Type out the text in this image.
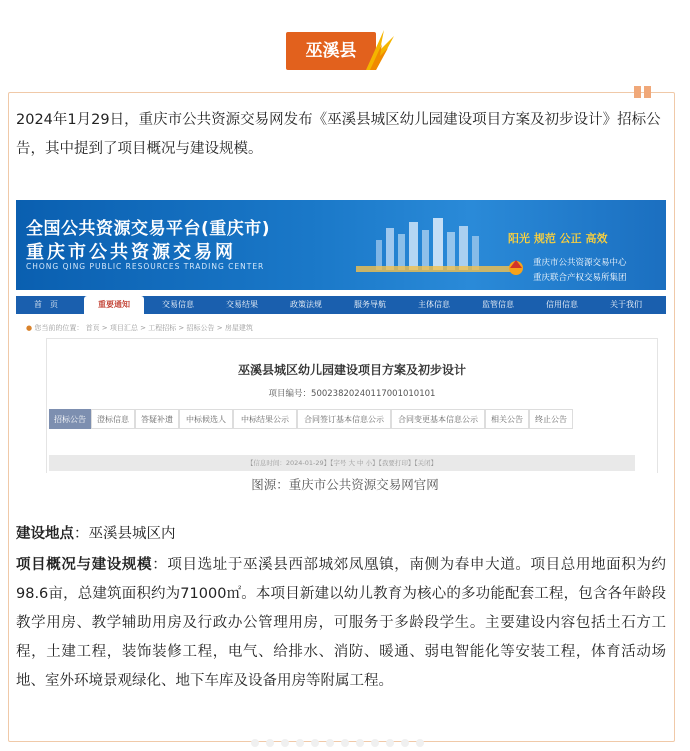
巫溪县
2024年1月29日，重庆市公共资源交易网发布《巫溪县城区幼儿园建设项目方案及初步设计》招标公告，其中提到了项目概况与建设规模。
全国公共资源交易平台(重庆市)
重庆市公共资源交易网
CHONG QING PUBLIC RESOURCES TRADING CENTER
阳光 规范 公正 高效
重庆市公共资源交易中心
重庆联合产权交易所集团
首　页	重要通知	交易信息	交易结果	政策法规	服务导航	主体信息	监管信息	信用信息	关于我们
● 您当前的位置： 首页 > 项目汇总 > 工程招标 > 招标公告 > 房屋建筑
巫溪县城区幼儿园建设项目方案及初步设计
项目编号：5002382024011700101010​1
招标公告	澄标信息	答疑补遗	中标候选人	中标结果公示	合同签订基本信息公示	合同变更基本信息公示	相关公告	终止公告
【信息时间：2024-01-29】【字号 大 中 小】【我要打印】【关闭】
图源：重庆市公共资源交易网官网
建设地点：巫溪县城区内
项目概况与建设规模：项目选址于巫溪县西部城郊凤凰镇，南侧为春申大道。项目总用地面积为约98.6亩，总建筑面积约为71000㎡。本项目新建以幼儿教育为核心的多功能配套工程，包含各年龄段教学用房、教学辅助用房及行政办公管理用房，可服务于多龄段学生。主要建设内容包括土石方工程，土建工程，装饰装修工程，电气、给排水、消防、暖通、弱电智能化等安装工程，体育活动场地、室外环境景观绿化、地下车库及设备用房等附属工程。
